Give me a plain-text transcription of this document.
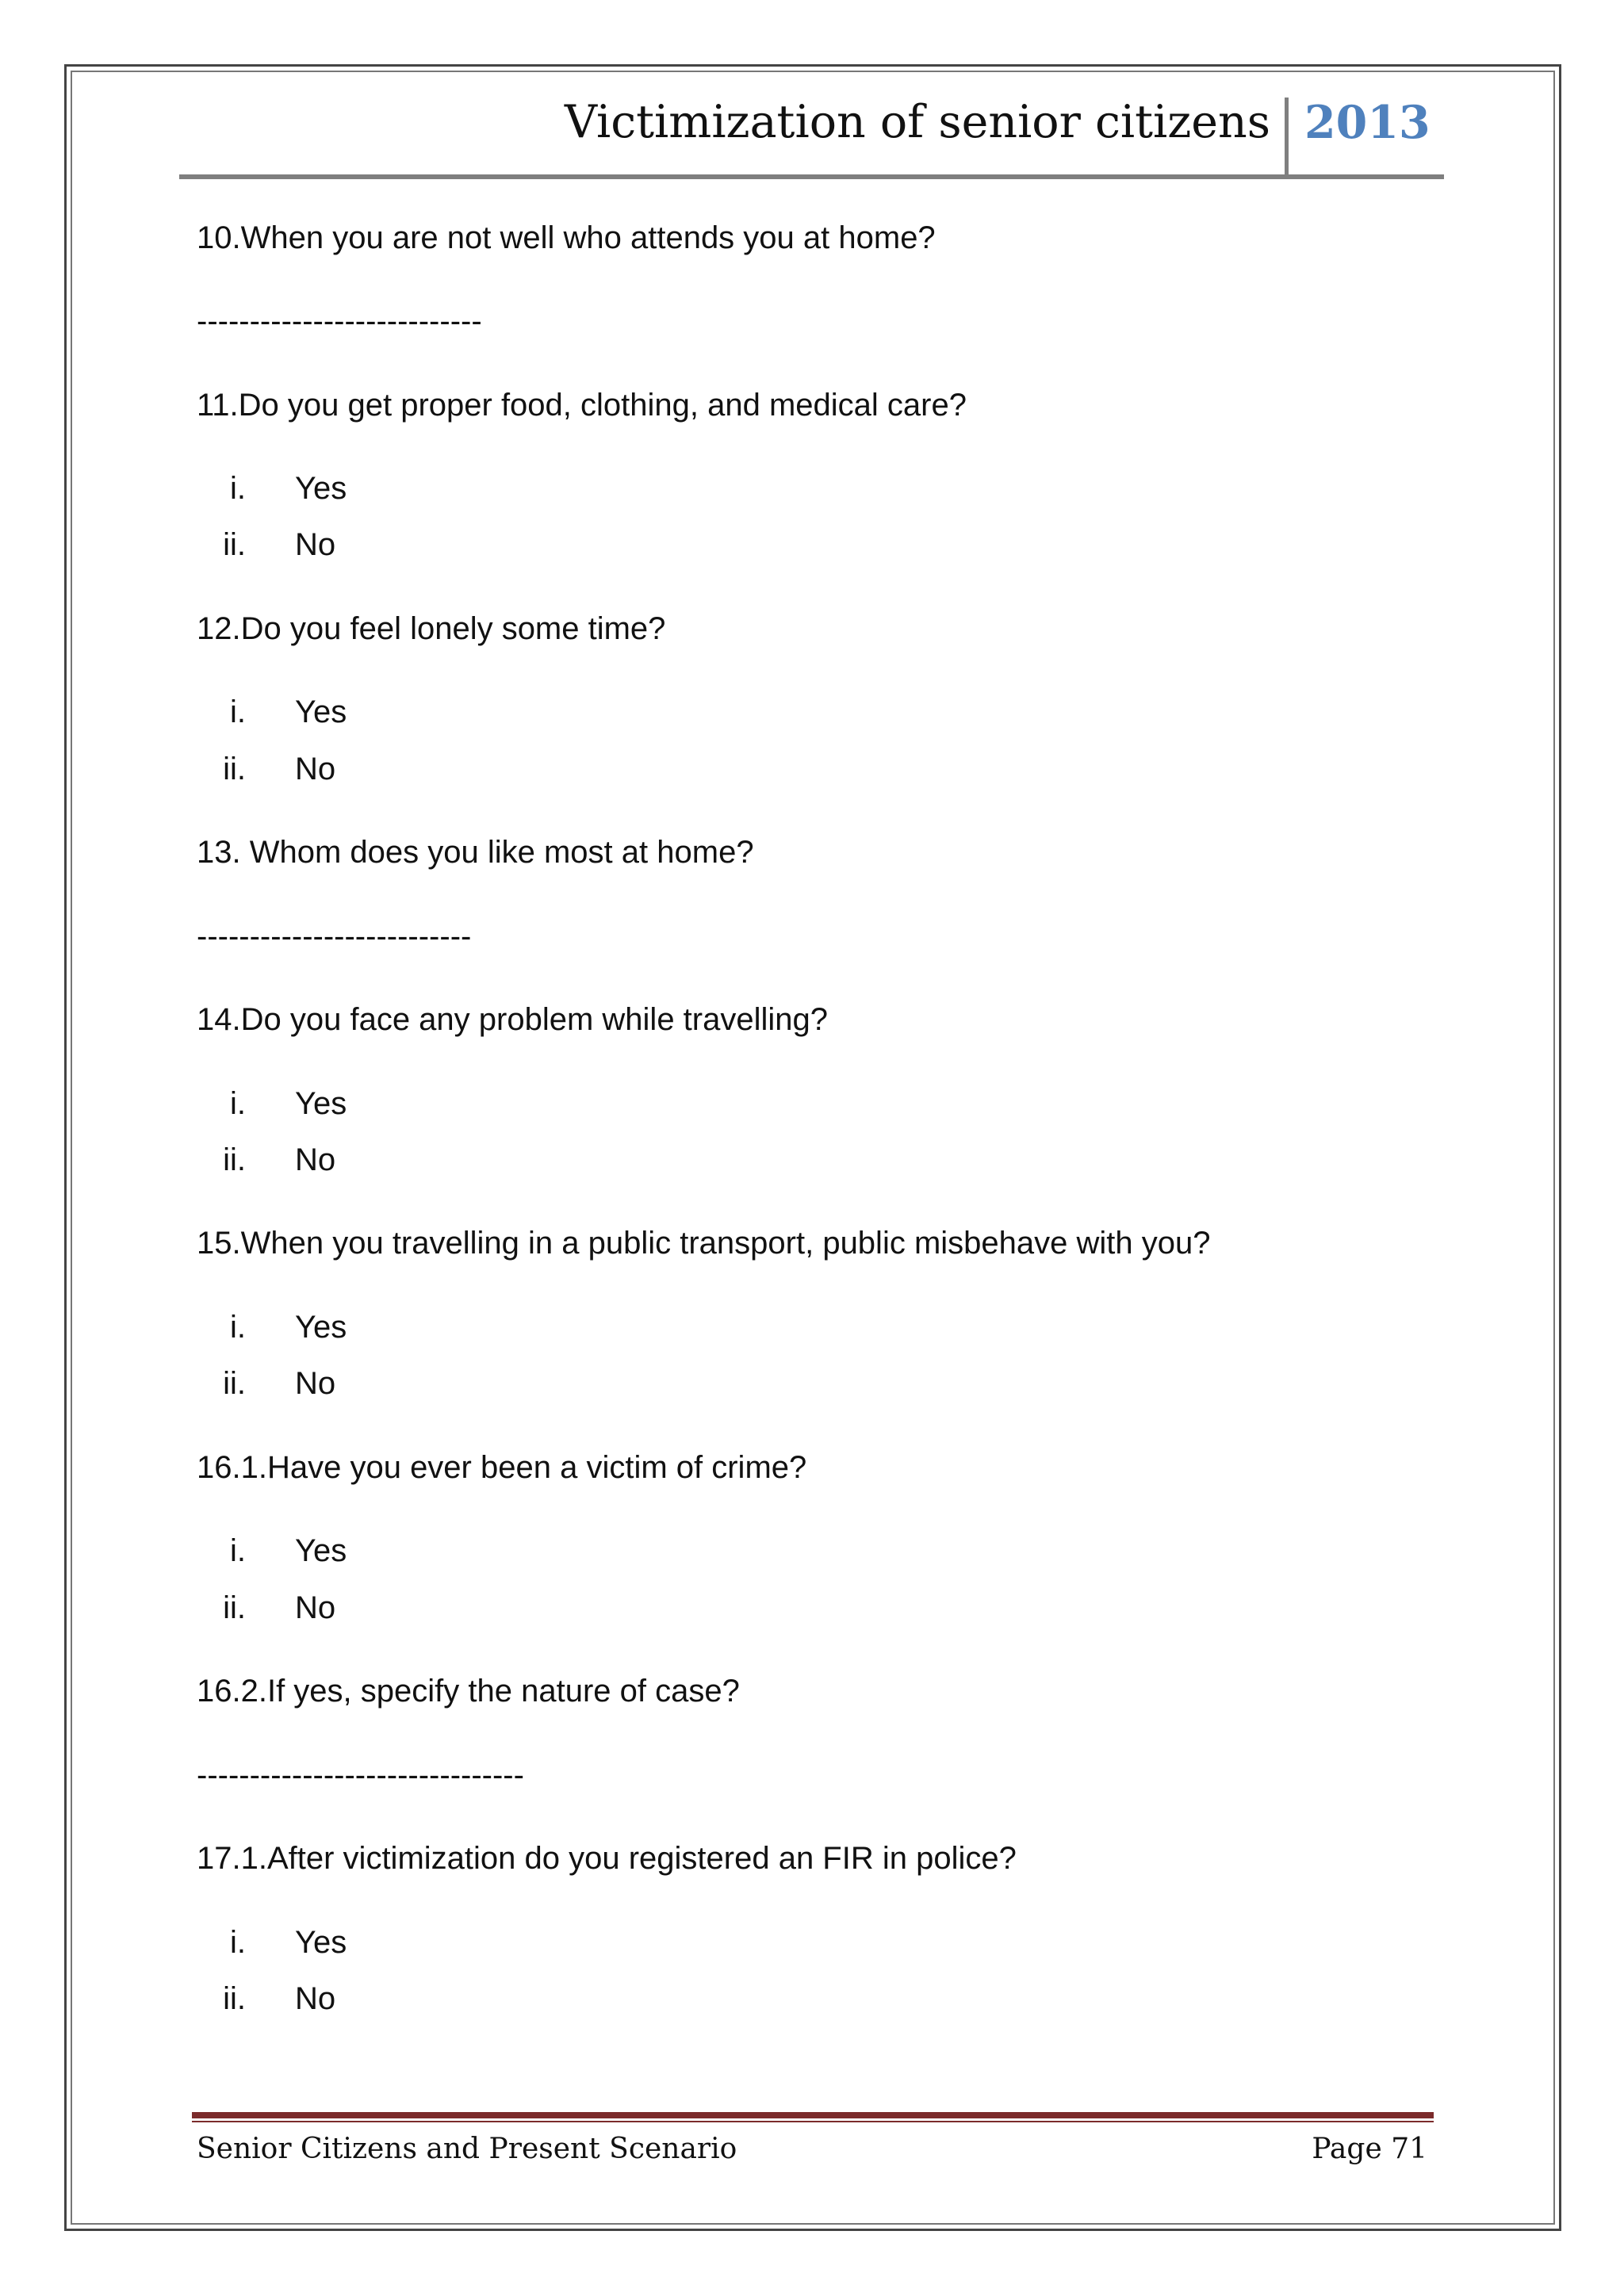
Victimization of senior citizens 2013
10.When you are not well who attends you at home?
---------------------------
11.Do you get proper food, clothing, and medical care?
i. Yes
ii. No
12.Do you feel lonely some time?
i. Yes
ii. No
13. Whom does you like most at home?
--------------------------
14.Do you face any problem while travelling?
i. Yes
ii. No
15.When you travelling in a public transport, public misbehave with you?
i. Yes
ii. No
16.1.Have you ever been a victim of crime?
i. Yes
ii. No
16.2.If yes, specify the nature of case?
-------------------------------
17.1.After victimization do you registered an FIR in police?
i. Yes
ii. No
Senior Citizens and Present Scenario	Page 71
